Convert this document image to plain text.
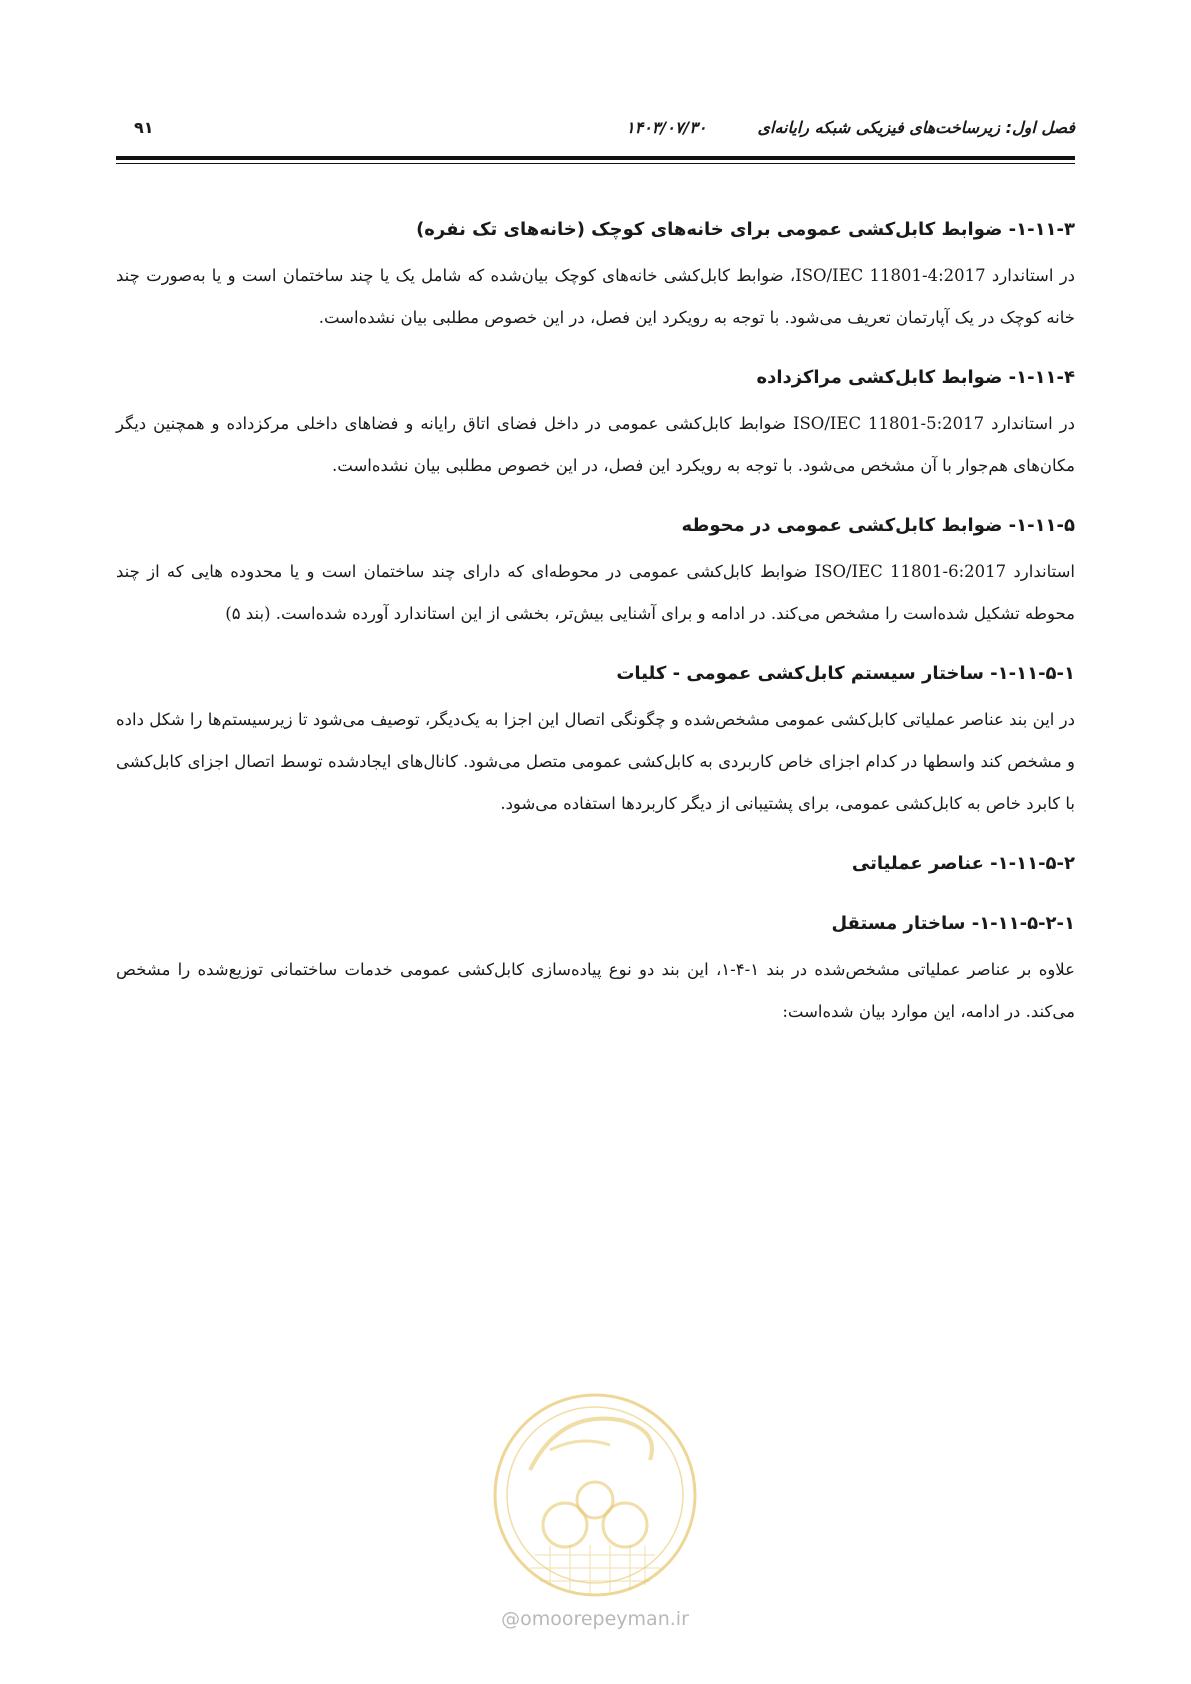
فصل اول: زیرساخت‌های فیزیکی شبکه رایانه‌ای
۱۴۰۳/۰۷/۳۰
۹۱
۱-۱۱-۳- ضوابط کابل‌کشی عمومی برای خانه‌های کوچک (خانه‌های تک نفره)

در استاندارد ISO/IEC 11801-4:2017، ضوابط کابل‌کشی خانه‌های کوچک بیان‌شده که شامل یک یا چند ساختمان است و یا به‌صورت چند خانه کوچک در یک آپارتمان تعریف می‌شود. با توجه به رویکرد این فصل، در این خصوص مطلبی بیان نشده‌است.

۱-۱۱-۴- ضوابط کابل‌کشی مراکزداده

در استاندارد ISO/IEC 11801-5:2017 ضوابط کابل‌کشی عمومی در داخل فضای اتاق رایانه و فضاهای داخلی مرکزداده و همچنین دیگر مکان‌های هم‌جوار با آن مشخص می‌شود. با توجه به رویکرد این فصل، در این خصوص مطلبی بیان نشده‌است.

۱-۱۱-۵- ضوابط کابل‌کشی عمومی در محوطه

استاندارد ISO/IEC 11801-6:2017 ضوابط کابل‌کشی عمومی در محوطه‌ای که دارای چند ساختمان است و یا محدوده هایی که از چند محوطه تشکیل شده‌است را مشخص می‌کند. در ادامه و برای آشنایی بیش‌تر، بخشی از این استاندارد آورده شده‌است. (بند ۵)

۱-۱۱-۵-۱- ساختار سیستم کابل‌کشی عمومی - کلیات

در این بند عناصر عملیاتی کابل‌کشی عمومی مشخص‌شده و چگونگی اتصال این اجزا به یک‌دیگر، توصیف می‌شود تا زیرسیستم‌ها را شکل داده و مشخص کند واسطها در کدام اجزای خاص کاربردی به کابل‌کشی عمومی متصل می‌شود. کانال‌های ایجادشده توسط اتصال اجزای کابل‌کشی با کابرد خاص به کابل‌کشی عمومی، برای پشتیبانی از دیگر کاربردها استفاده می‌شود.

۱-۱۱-۵-۲- عناصر عملیاتی
۱-۱۱-۵-۲-۱- ساختار مستقل

علاوه بر عناصر عملیاتی مشخص‌شده در بند ۱-۴-۱، این بند دو نوع پیاده‌سازی کابل‌کشی عمومی خدمات ساختمانی توزیع‌شده را مشخص می‌کند. در ادامه، این موارد بیان شده‌است:

@omoorepeyman.ir
